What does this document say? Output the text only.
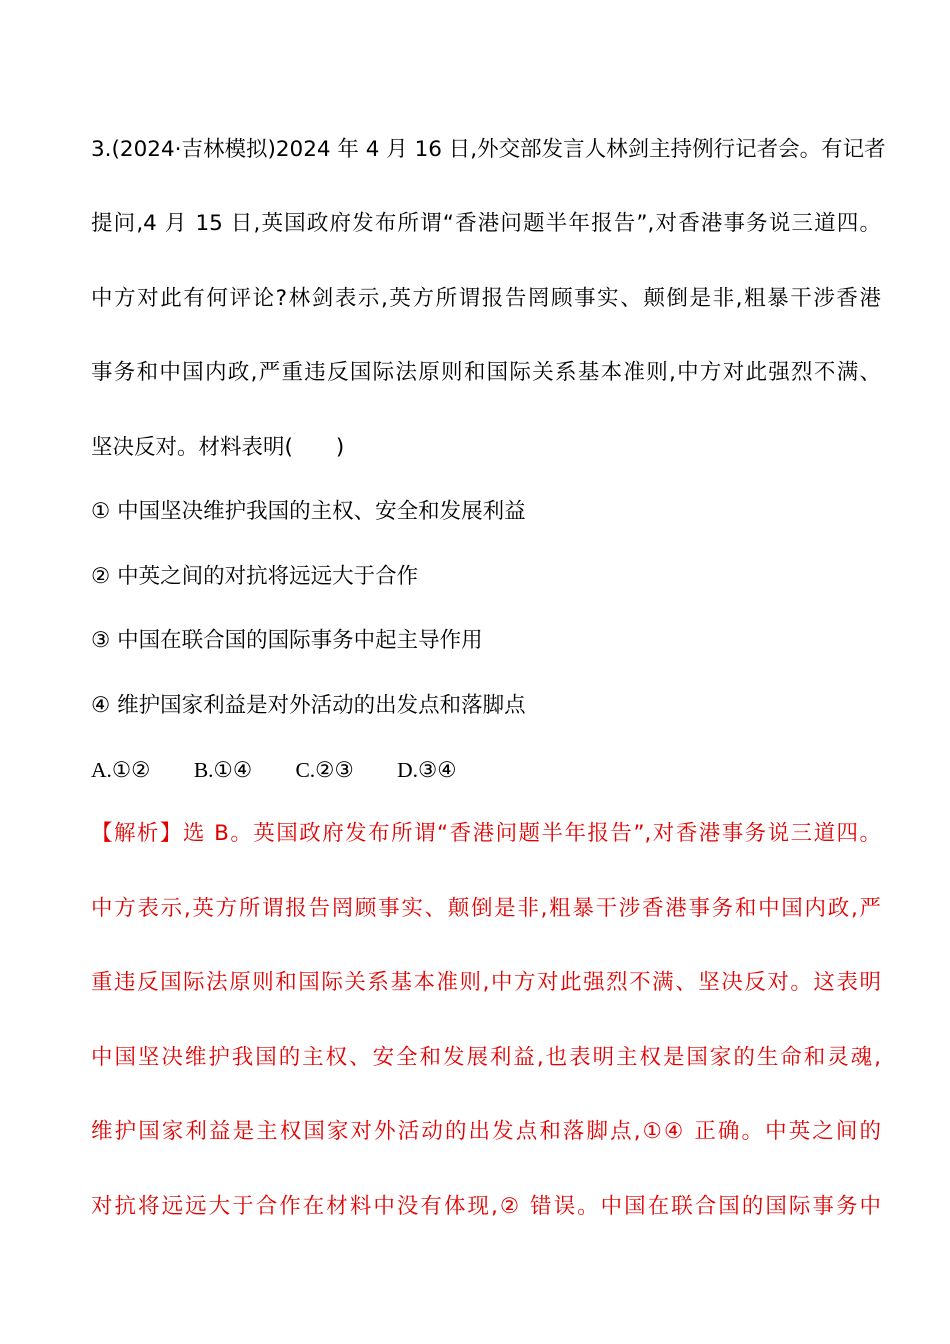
3.(2024·吉林模拟)2024 年 4 月 16 日,外交部发言人林剑主持例行记者会。有记者
提问,4 月 15 日,英国政府发布所谓“香港问题半年报告”,对香港事务说三道四。
中方对此有何评论?林剑表示,英方所谓报告罔顾事实、颠倒是非,粗暴干涉香港
事务和中国内政,严重违反国际法原则和国际关系基本准则,中方对此强烈不满、
坚决反对。材料表明(　　)
① 中国坚决维护我国的主权、安全和发展利益
② 中英之间的对抗将远远大于合作
③ 中国在联合国的国际事务中起主导作用
④ 维护国家利益是对外活动的出发点和落脚点
A.①② B.①④ C.②③ D.③④
【解析】选 B。英国政府发布所谓“香港问题半年报告”,对香港事务说三道四。
中方表示,英方所谓报告罔顾事实、颠倒是非,粗暴干涉香港事务和中国内政,严
重违反国际法原则和国际关系基本准则,中方对此强烈不满、坚决反对。这表明
中国坚决维护我国的主权、安全和发展利益,也表明主权是国家的生命和灵魂,
维护国家利益是主权国家对外活动的出发点和落脚点,①④ 正确。中英之间的
对抗将远远大于合作在材料中没有体现,② 错误。中国在联合国的国际事务中
